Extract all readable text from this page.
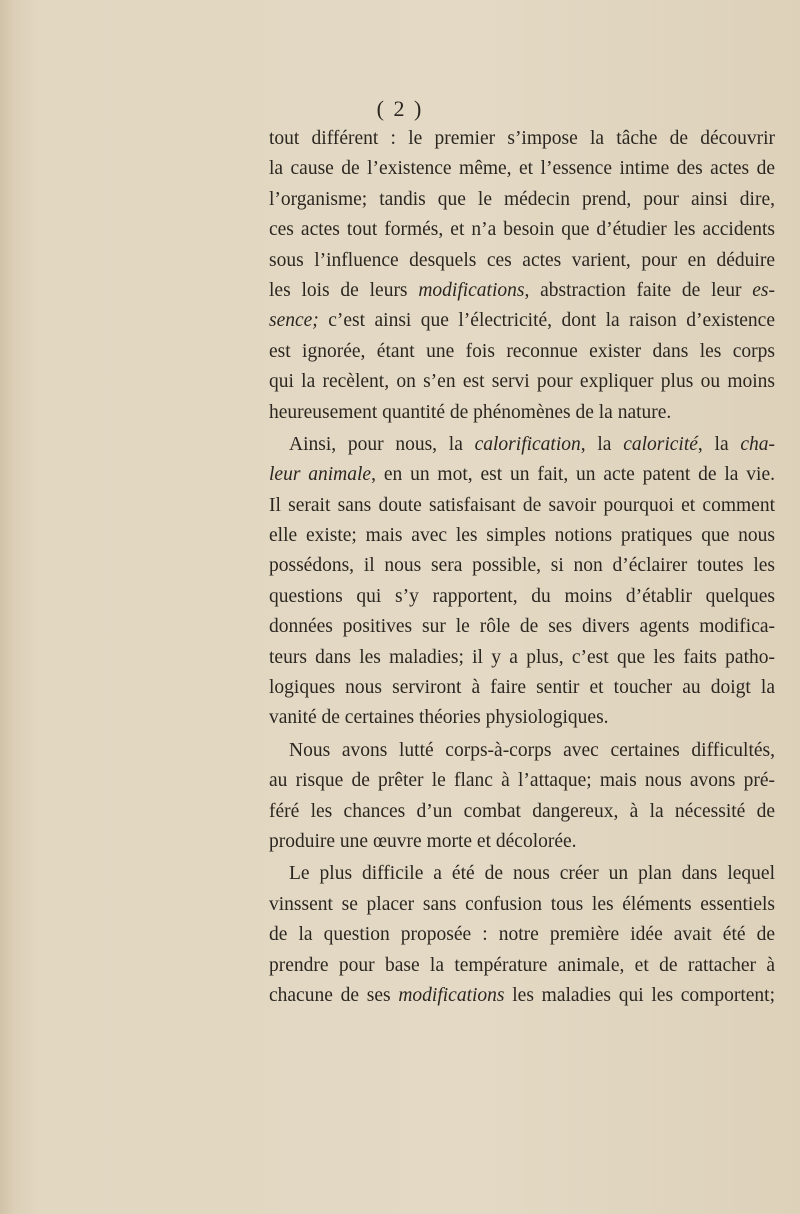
( 2 )
tout différent : le premier s’impose la tâche de découvrir
la cause de l’existence même, et l’essence intime des actes de
l’organisme; tandis que le médecin prend, pour ainsi dire,
ces actes tout formés, et n’a besoin que d’étudier les accidents
sous l’influence desquels ces actes varient, pour en déduire
les lois de leurs modifications, abstraction faite de leur es-
sence; c’est ainsi que l’électricité, dont la raison d’existence
est ignorée, étant une fois reconnue exister dans les corps
qui la recèlent, on s’en est servi pour expliquer plus ou moins
heureusement quantité de phénomènes de la nature.
Ainsi, pour nous, la calorification, la caloricité, la cha-
leur animale, en un mot, est un fait, un acte patent de la vie.
Il serait sans doute satisfaisant de savoir pourquoi et comment
elle existe; mais avec les simples notions pratiques que nous
possédons, il nous sera possible, si non d’éclairer toutes les
questions qui s’y rapportent, du moins d’établir quelques
données positives sur le rôle de ses divers agents modifica-
teurs dans les maladies; il y a plus, c’est que les faits patho-
logiques nous serviront à faire sentir et toucher au doigt la
vanité de certaines théories physiologiques.
Nous avons lutté corps-à-corps avec certaines difficultés,
au risque de prêter le flanc à l’attaque; mais nous avons pré-
féré les chances d’un combat dangereux, à la nécessité de
produire une œuvre morte et décolorée.
Le plus difficile a été de nous créer un plan dans lequel
vinssent se placer sans confusion tous les éléments essentiels
de la question proposée : notre première idée avait été de
prendre pour base la température animale, et de rattacher à
chacune de ses modifications les maladies qui les comportent;
